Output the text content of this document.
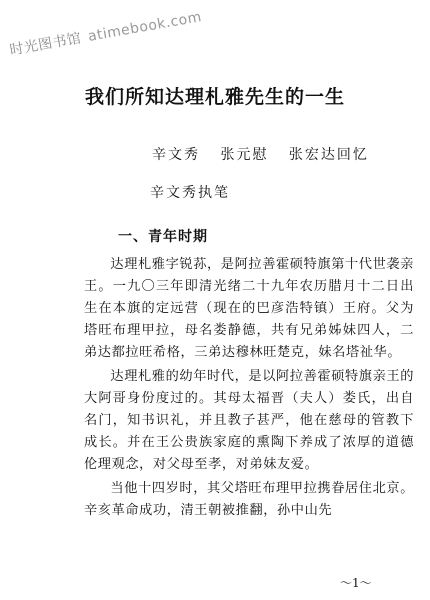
时光图书馆 atimebook.com
我们所知达理札雅先生的一生
辛文秀 张元慰 张宏达回忆
辛文秀执笔
一、青年时期

达理札雅字锐荪，是阿拉善霍硕特旗第十代世袭亲王。一九〇三年即清光绪二十九年农历腊月十二日出生在本旗的定远营（现在的巴彦浩特镇）王府。父为塔旺布理甲拉，母名娄静德，共有兄弟姊妹四人，二弟达都拉旺希格，三弟达穆林旺楚克，妹名塔祉华。

达理札雅的幼年时代，是以阿拉善霍硕特旗亲王的大阿哥身份度过的。其母太福晋（夫人）娄氏，出自名门，知书识礼，并且教子甚严，他在慈母的管教下成长。并在王公贵族家庭的熏陶下养成了浓厚的道德伦理观念，对父母至孝，对弟妹友爱。

当他十四岁时，其父塔旺布理甲拉携眷居住北京。辛亥革命成功，清王朝被推翻，孙中山先

～1～
